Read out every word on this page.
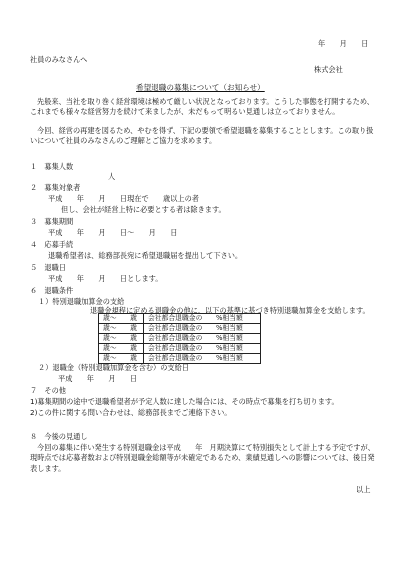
年　　月　　日
社員のみなさんへ
株式会社
希望退職の募集について（お知らせ）
先般来、当社を取り巻く経営環境は極めて厳しい状況となっております。こうした事態を打開するため、これまでも様々な経営努力を続けて来ましたが、未だもって明るい見通しは立っておりません。
今回、経営の再建を図るため、やむを得ず、下記の要領で希望退職を募集することとします。この取り扱いについて社員のみなさんのご理解とご協力を求めます。
１　募集人数
人
２　募集対象者
平成　　年　　月　　日現在で　　歳以上の者
但し、会社が経営上特に必要とする者は除きます。
３　募集期間
平成　　年　　月　　日～　　月　　日
４　応募手続
退職希望者は、総務部長宛に希望退職届を提出して下さい。
５　退職日
平成　　年　　月　　日とします。
６　退職条件
１）特別退職加算金の支給
退職金規程に定める退職金の他に、以下の基準に基づき特別退職加算金を支給します。
歳～　　歳	会社都合退職金の　　%相当額
歳～　　歳	会社都合退職金の　　%相当額
歳～　　歳	会社都合退職金の　　%相当額
歳～　　歳	会社都合退職金の　　%相当額
歳～　　歳	会社都合退職金の　　%相当額
２）退職金（特別退職加算金を含む）の支給日
平成　　年　　月　　日
７　その他
1)募集期間の途中で退職希望者が予定人数に達した場合には、その時点で募集を打ち切ります。
2)この件に関する問い合わせは、総務部長までご連絡下さい。
８　今後の見通し
今回の募集に伴い発生する特別退職金は平成　　年　月期決算にて特別損失として計上する予定ですが、現時点では応募者数および特別退職金総額等が未確定であるため、業績見通しへの影響については、後日発表します。
以上
